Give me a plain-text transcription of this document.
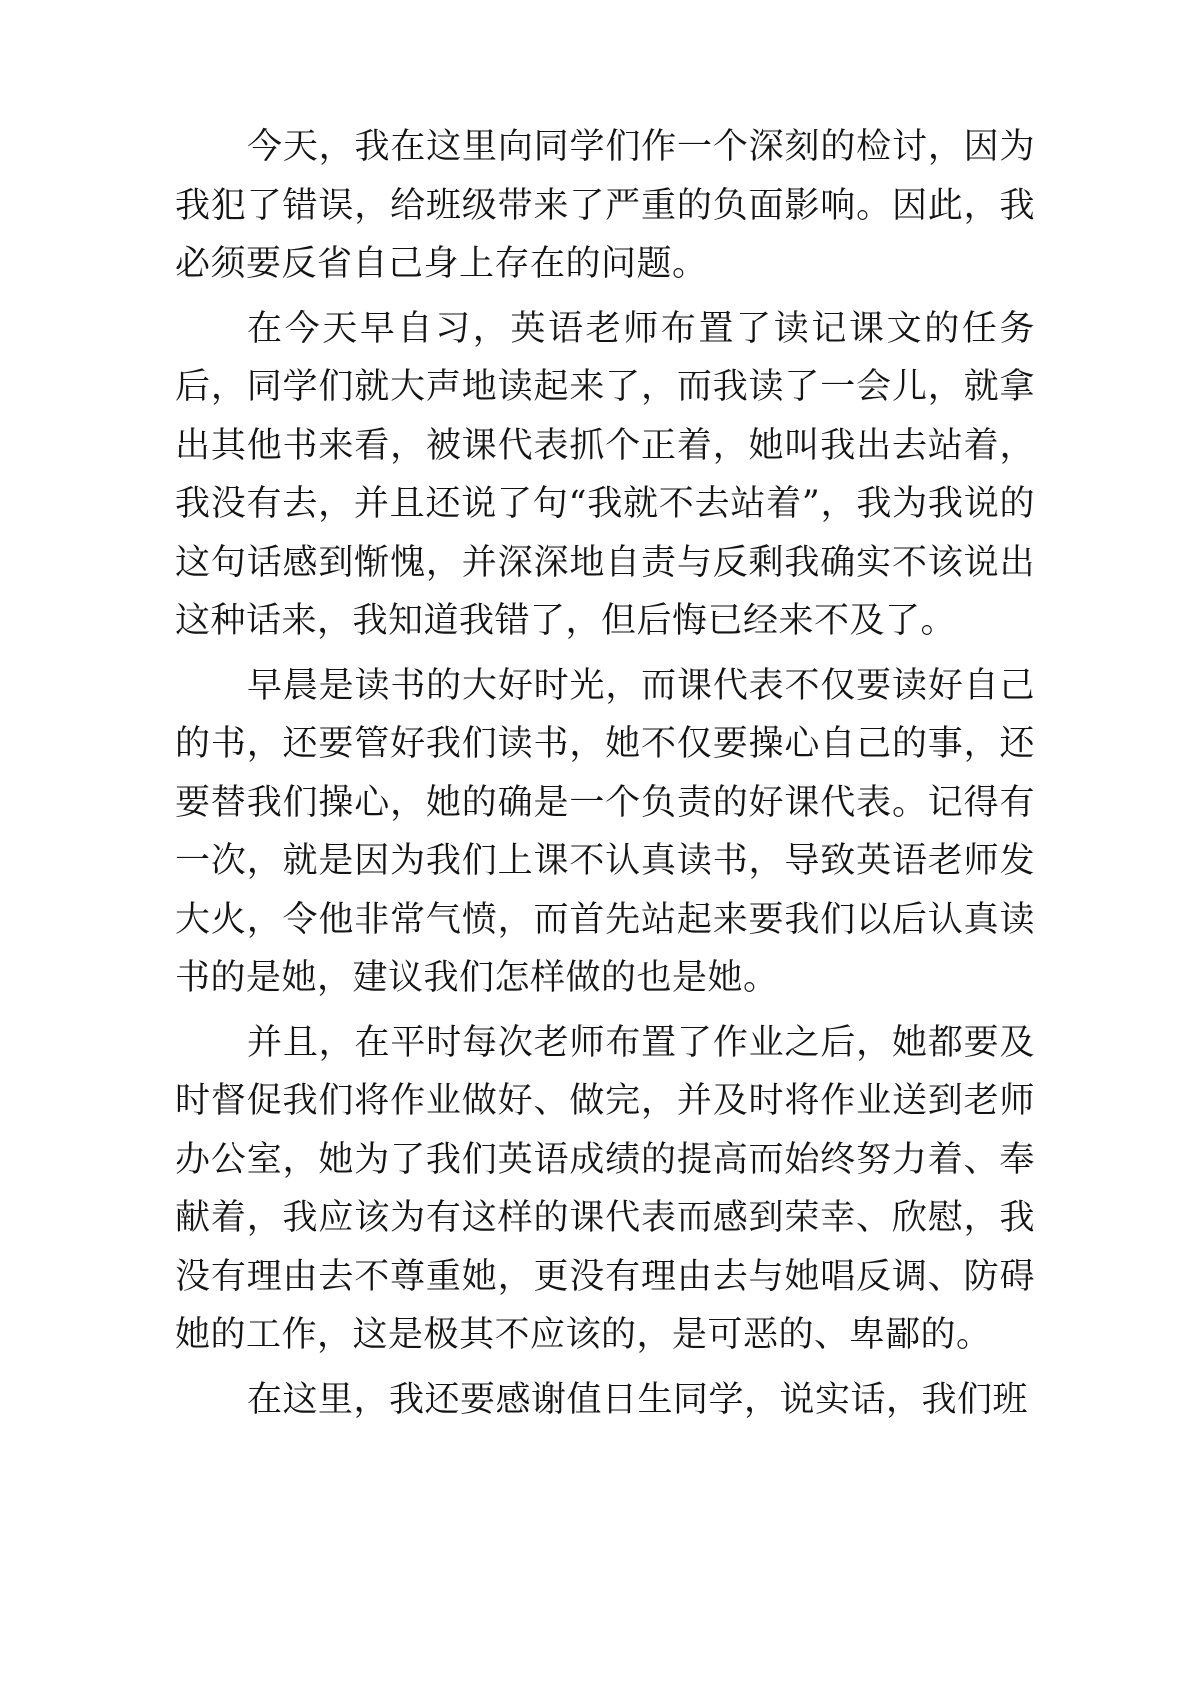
今天，我在这里向同学们作一个深刻的检讨，因为我犯了错误，给班级带来了严重的负面影响。因此，我必须要反省自己身上存在的问题。

在今天早自习，英语老师布置了读记课文的任务后，同学们就大声地读起来了，而我读了一会儿，就拿出其他书来看，被课代表抓个正着，她叫我出去站着，我没有去，并且还说了句“我就不去站着”，我为我说的这句话感到惭愧，并深深地自责与反剩我确实不该说出这种话来，我知道我错了，但后悔已经来不及了。

早晨是读书的大好时光，而课代表不仅要读好自己的书，还要管好我们读书，她不仅要操心自己的事，还要替我们操心，她的确是一个负责的好课代表。记得有一次，就是因为我们上课不认真读书，导致英语老师发大火，令他非常气愤，而首先站起来要我们以后认真读书的是她，建议我们怎样做的也是她。

并且，在平时每次老师布置了作业之后，她都要及时督促我们将作业做好、做完，并及时将作业送到老师办公室，她为了我们英语成绩的提高而始终努力着、奉献着，我应该为有这样的课代表而感到荣幸、欣慰，我没有理由去不尊重她，更没有理由去与她唱反调、防碍她的工作，这是极其不应该的，是可恶的、卑鄙的。

在这里，我还要感谢值日生同学，说实话，我们班
